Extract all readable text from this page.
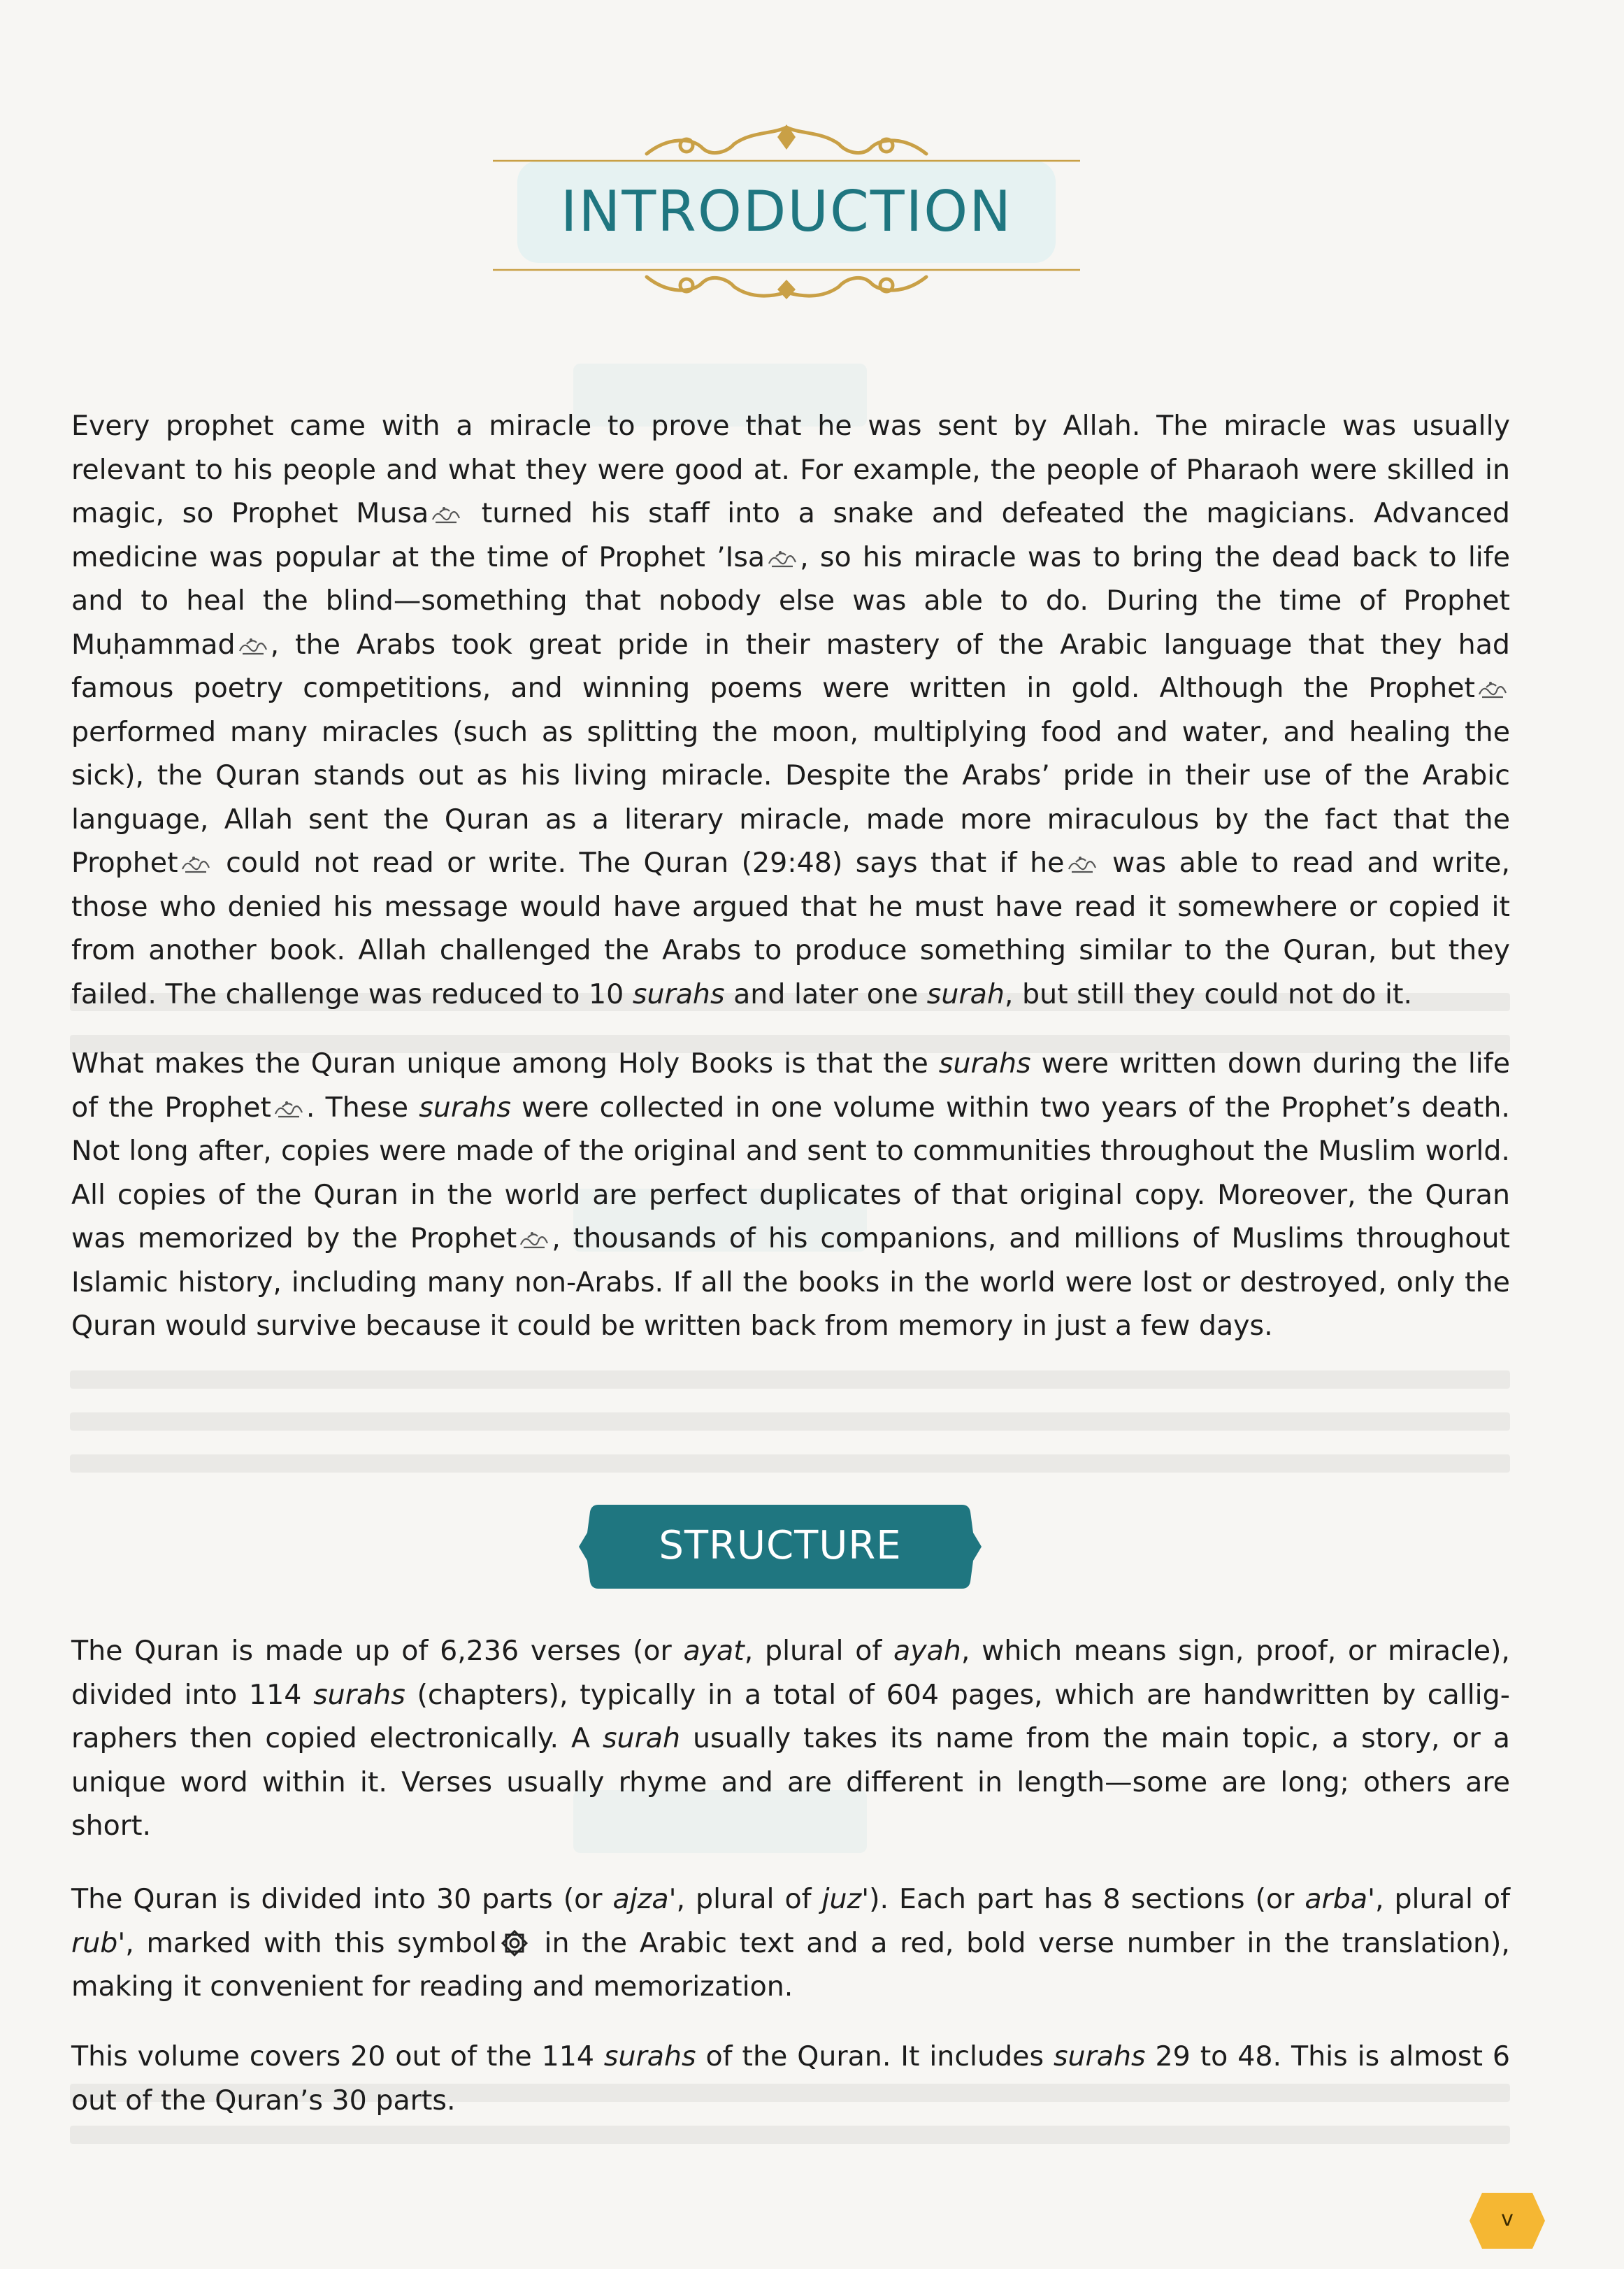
INTRODUCTION

Every prophet came with a miracle to prove that he was sent by Allah. The miracle was usually relevant to his people and what they were good at. For example, the people of Pharaoh were skilled in magic, so Prophet Musa turned his staff into a snake and defeated the magicians. Advanced medicine was popular at the time of Prophet ’Isa , so his miracle was to bring the dead back to life and to heal the blind—something that nobody else was able to do. During the time of Prophet Muḥammad , the Arabs took great pride in their mastery of the Arabic language that they had famous poetry competitions, and winning poems were written in gold. Although the Prophet performed many miracles (such as splitting the moon, multiplying food and water, and healing the sick), the Quran stands out as his living miracle. Despite the Arabs’ pride in their use of the Arabic language, Allah sent the Quran as a literary miracle, made more miraculous by the fact that the Prophet could not read or write. The Quran (29:48) says that if he was able to read and write, those who denied his message would have argued that he must have read it somewhere or copied it from another book. Allah challenged the Arabs to produce something similar to the Quran, but they failed. The challenge was reduced to 10 surahs and later one surah, but still they could not do it.

What makes the Quran unique among Holy Books is that the surahs were written down during the life of the Prophet . These surahs were collected in one volume within two years of the Prophet’s death. Not long after, copies were made of the original and sent to communities throughout the Muslim world. All copies of the Quran in the world are perfect duplicates of that original copy. Moreover, the Quran was memorized by the Prophet , thousands of his companions, and millions of Muslims throughout Islamic history, including many non-Arabs. If all the books in the world were lost or destroyed, only the Quran would survive because it could be written back from memory in just a few days.

STRUCTURE

The Quran is made up of 6,236 verses (or ayat, plural of ayah, which means sign, proof, or miracle), divided into 114 surahs (chapters), typically in a total of 604 pages, which are handwritten by calligraphers then copied electronically. A surah usually takes its name from the main topic, a story, or a unique word within it. Verses usually rhyme and are different in length—some are long; others are short.

The Quran is divided into 30 parts (or ajza', plural of juz'). Each part has 8 sections (or arba', plural of rub', marked with this symbol in the Arabic text and a red, bold verse number in the translation), making it convenient for reading and memorization.

This volume covers 20 out of the 114 surahs of the Quran. It includes surahs 29 to 48. This is almost 6 out of the Quran’s 30 parts.

v
